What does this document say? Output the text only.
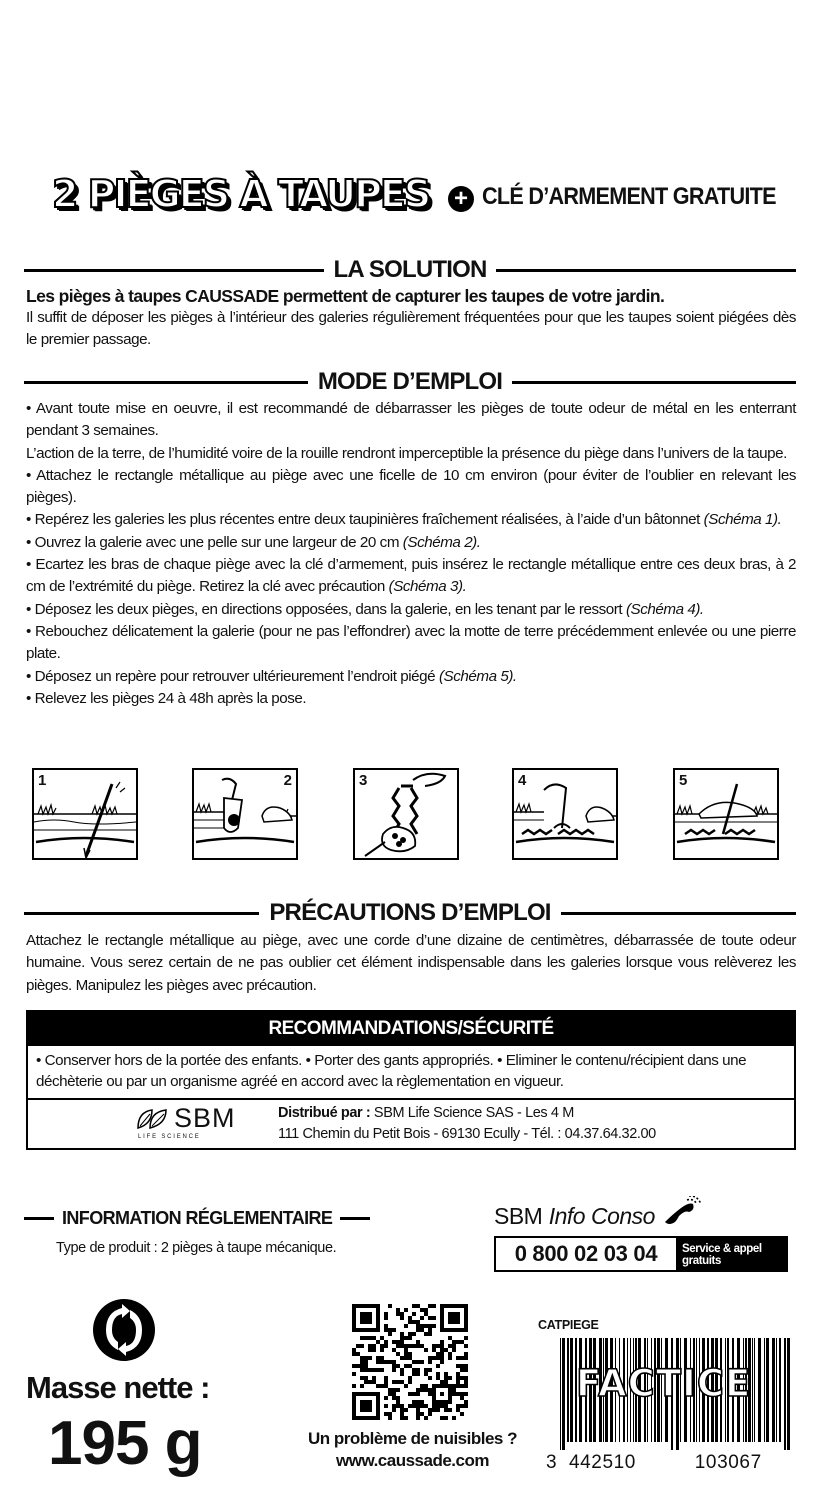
2 PIÈGES À TAUPES + CLÉ D’ARMEMENT GRATUITE
LA SOLUTION
Les pièges à taupes CAUSSADE permettent de capturer les taupes de votre jardin.
Il suffit de déposer les pièges à l’intérieur des galeries régulièrement fréquentées pour que les taupes soient piégées dès le premier passage.
MODE D’EMPLOI
• Avant toute mise en oeuvre, il est recommandé de débarrasser les pièges de toute odeur de métal en les enterrant pendant 3 semaines.
L’action de la terre, de l’humidité voire de la rouille rendront imperceptible la présence du piège dans l’univers de la taupe.
• Attachez le rectangle métallique au piège avec une ficelle de 10 cm environ (pour éviter de l’oublier en relevant les pièges).
• Repérez les galeries les plus récentes entre deux taupinières fraîchement réalisées, à l’aide d’un bâtonnet (Schéma 1).
• Ouvrez la galerie avec une pelle sur une largeur de 20 cm (Schéma 2).
• Ecartez les bras de chaque piège avec la clé d’armement, puis insérez le rectangle métallique entre ces deux bras, à 2 cm de l’extrémité du piège. Retirez la clé avec précaution (Schéma 3).
• Déposez les deux pièges, en directions opposées, dans la galerie, en les tenant par le ressort (Schéma 4).
• Rebouchez délicatement la galerie (pour ne pas l’effondrer) avec la motte de terre précédemment enlevée ou une pierre plate.
• Déposez un repère pour retrouver ultérieurement l’endroit piégé (Schéma 5).
• Relevez les pièges 24 à 48h après la pose.
1	2	3	4	5
PRÉCAUTIONS D’EMPLOI
Attachez le rectangle métallique au piège, avec une corde d’une dizaine de centimètres, débarrassée de toute odeur humaine. Vous serez certain de ne pas oublier cet élément indispensable dans les galeries lorsque vous relèverez les pièges. Manipulez les pièges avec précaution.
RECOMMANDATIONS/SÉCURITÉ
• Conserver hors de la portée des enfants. • Porter des gants appropriés. • Eliminer le contenu/récipient dans une déchèterie ou par un organisme agréé en accord avec la règlementation en vigueur.
SBM
LIFE SCIENCE
Distribué par : SBM Life Science SAS - Les 4 M
111 Chemin du Petit Bois - 69130 Ecully - Tél. : 04.37.64.32.00
INFORMATION RÉGLEMENTAIRE
Type de produit : 2 pièges à taupe mécanique.
SBM Info Conso
0 800 02 03 04	Service & appel
gratuits
Masse nette :
195 g	Un problème de nuisibles ?
www.caussade.com
CATPIEGE
FACTICE
3 442510	103067
